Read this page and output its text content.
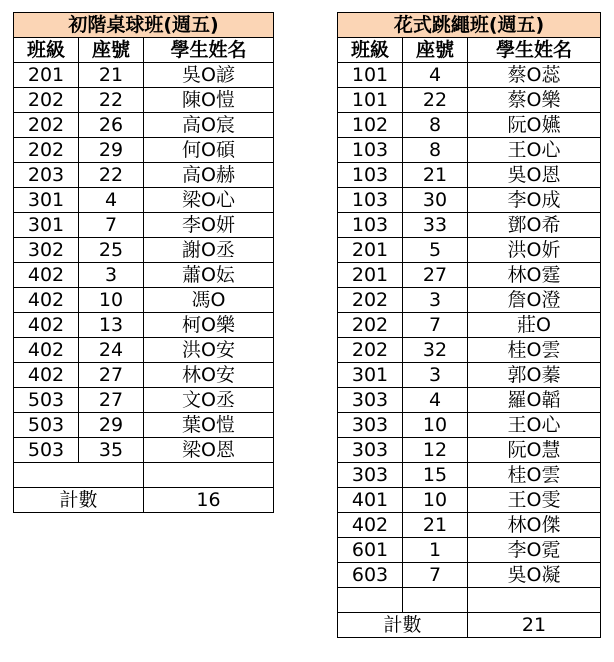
初階桌球班(週五)		
班級	座號	學生姓名
201	21	吳O諺
202	22	陳O愷
202	26	高O宸
202	29	何O碩
203	22	高O赫
301	4	梁O心
301	7	李O妍
302	25	謝O丞
402	3	蕭O妘
402	10	馮O
402	13	柯O樂
402	24	洪O安
402	27	林O安
503	27	文O丞
503	29	葉O愷
503	35	梁O恩

計數		16
花式跳繩班(週五)		
班級	座號	學生姓名
101	4	蔡O蕊
101	22	蔡O樂
102	8	阮O嬿
103	8	王O心
103	21	吳O恩
103	30	李O成
103	33	鄧O希
201	5	洪O妡
201	27	林O霆
202	3	詹O澄
202	7	莊O
202	32	桂O雲
301	3	郭O蓁
303	4	羅O韜
303	10	王O心
303	12	阮O慧
303	15	桂O雲
401	10	王O雯
402	21	林O傑
601	1	李O霓
603	7	吳O凝

計數		21
